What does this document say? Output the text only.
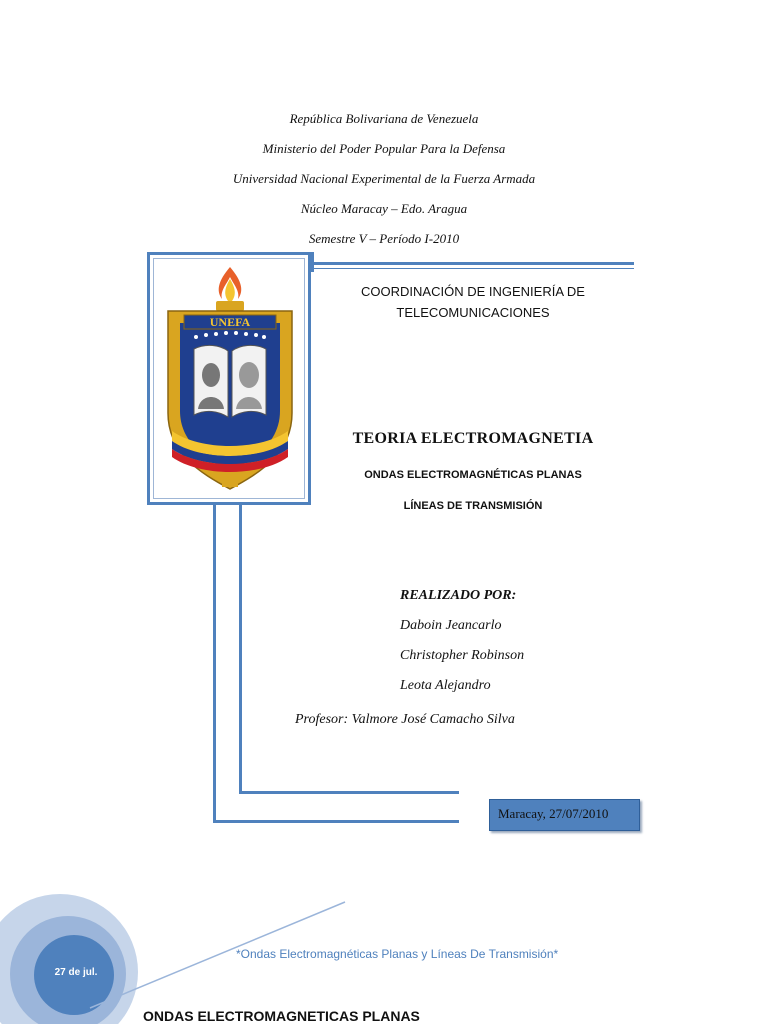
República Bolivariana de Venezuela
Ministerio del Poder Popular Para la Defensa
Universidad Nacional Experimental de la Fuerza Armada
Núcleo Maracay – Edo. Aragua
Semestre V – Período I-2010
UNEFA
COORDINACIÓN DE INGENIERÍA DE
TELECOMUNICACIONES
TEORIA ELECTROMAGNETIA
ONDAS ELECTROMAGNÉTICAS PLANAS
LÍNEAS DE TRANSMISIÓN
REALIZADO POR:
Daboin Jeancarlo
Christopher Robinson
Leota Alejandro
Profesor: Valmore José Camacho Silva
Maracay, 27/07/2010
27 de jul.
*Ondas Electromagnéticas Planas y Líneas De Transmisión*
ONDAS ELECTROMAGNETICAS PLANAS
